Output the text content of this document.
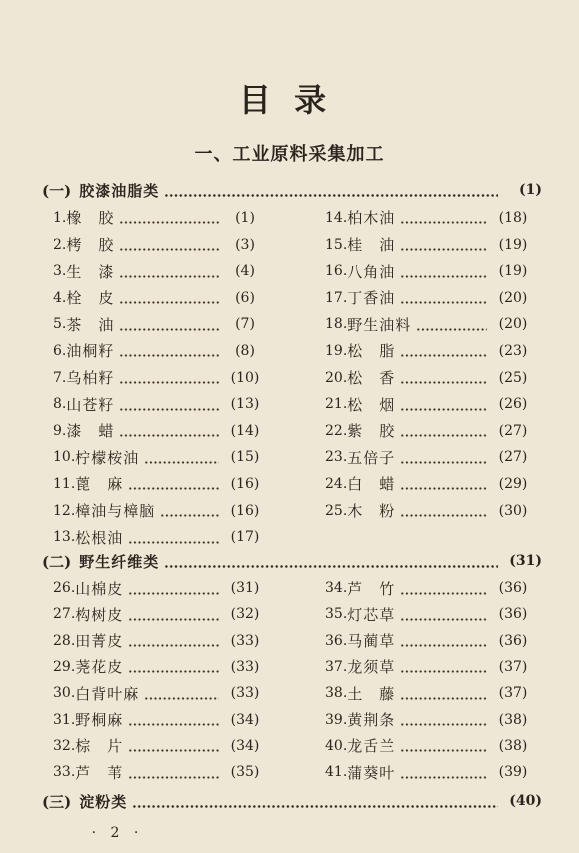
目 录
一、工业原料采集加工
(一) 胶漆油脂类	(1)
1. 橡　胶	(1)
2. 栲　胶	(3)
3. 生　漆	(4)
4. 栓　皮	(6)
5. 茶　油	(7)
6. 油桐籽	(8)
7. 乌柏籽	(10)
8. 山苍籽	(13)
9. 漆　蜡	(14)
10. 柠檬桉油	(15)
11. 蓖　麻	(16)
12. 樟油与樟脑	(16)
13. 松根油	(17)
14. 柏木油	(18)
15. 桂　油	(19)
16. 八角油	(19)
17. 丁香油	(20)
18. 野生油料	(20)
19. 松　脂	(23)
20. 松　香	(25)
21. 松　烟	(26)
22. 紫　胶	(27)
23. 五倍子	(27)
24. 白　蜡	(29)
25. 木　粉	(30)
(二) 野生纤维类	(31)
26. 山棉皮	(31)
27. 构树皮	(32)
28. 田菁皮	(33)
29. 荛花皮	(33)
30. 白背叶麻	(33)
31. 野桐麻	(34)
32. 棕　片	(34)
33. 芦　苇	(35)
34. 芦　竹	(36)
35. 灯芯草	(36)
36. 马蔺草	(36)
37. 龙须草	(37)
38. 土　藤	(37)
39. 黄荆条	(38)
40. 龙舌兰	(38)
41. 蒲葵叶	(39)
(三) 淀粉类	(40)
· 2 ·
